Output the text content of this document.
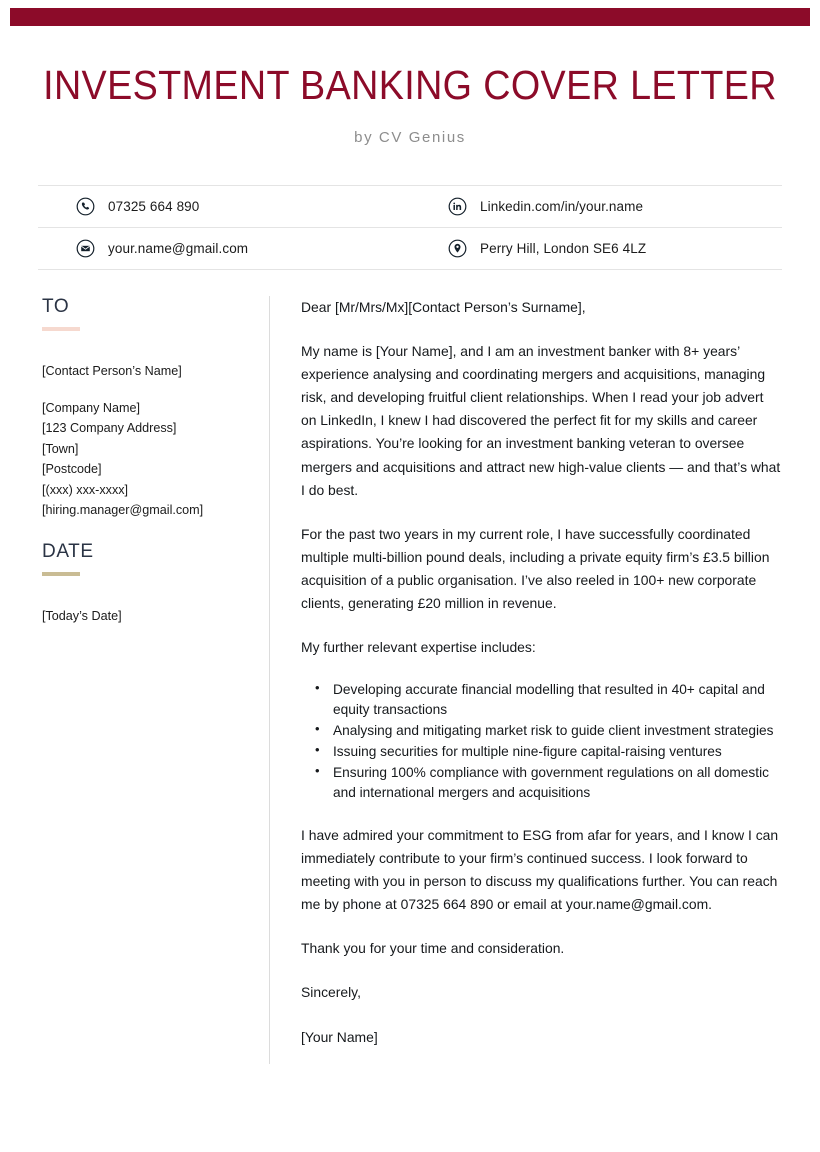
INVESTMENT BANKING COVER LETTER
by CV Genius
07325 664 890	Linkedin.com/in/your.name
your.name@gmail.com	Perry Hill, London SE6 4LZ
TO
[Contact Person’s Name]
[Company Name]
[123 Company Address]
[Town]
[Postcode]
[(xxx) xxx-xxxx]
[hiring.manager@gmail.com]
DATE
[Today’s Date]

Dear [Mr/Mrs/Mx][Contact Person’s Surname],

My name is [Your Name], and I am an investment banker with 8+ years’ experience analysing and coordinating mergers and acquisitions, managing risk, and developing fruitful client relationships. When I read your job advert on LinkedIn, I knew I had discovered the perfect fit for my skills and career aspirations. You’re looking for an investment banking veteran to oversee mergers and acquisitions and attract new high-value clients — and that’s what I do best.

For the past two years in my current role, I have successfully coordinated multiple multi-billion pound deals, including a private equity firm’s £3.5 billion acquisition of a public organisation. I’ve also reeled in 100+ new corporate clients, generating £20 million in revenue.

My further relevant expertise includes:

• Developing accurate financial modelling that resulted in 40+ capital and equity transactions
• Analysing and mitigating market risk to guide client investment strategies
• Issuing securities for multiple nine-figure capital-raising ventures
• Ensuring 100% compliance with government regulations on all domestic and international mergers and acquisitions

I have admired your commitment to ESG from afar for years, and I know I can immediately contribute to your firm’s continued success. I look forward to meeting with you in person to discuss my qualifications further. You can reach me by phone at 07325 664 890 or email at your.name@gmail.com.

Thank you for your time and consideration.

Sincerely,

[Your Name]
